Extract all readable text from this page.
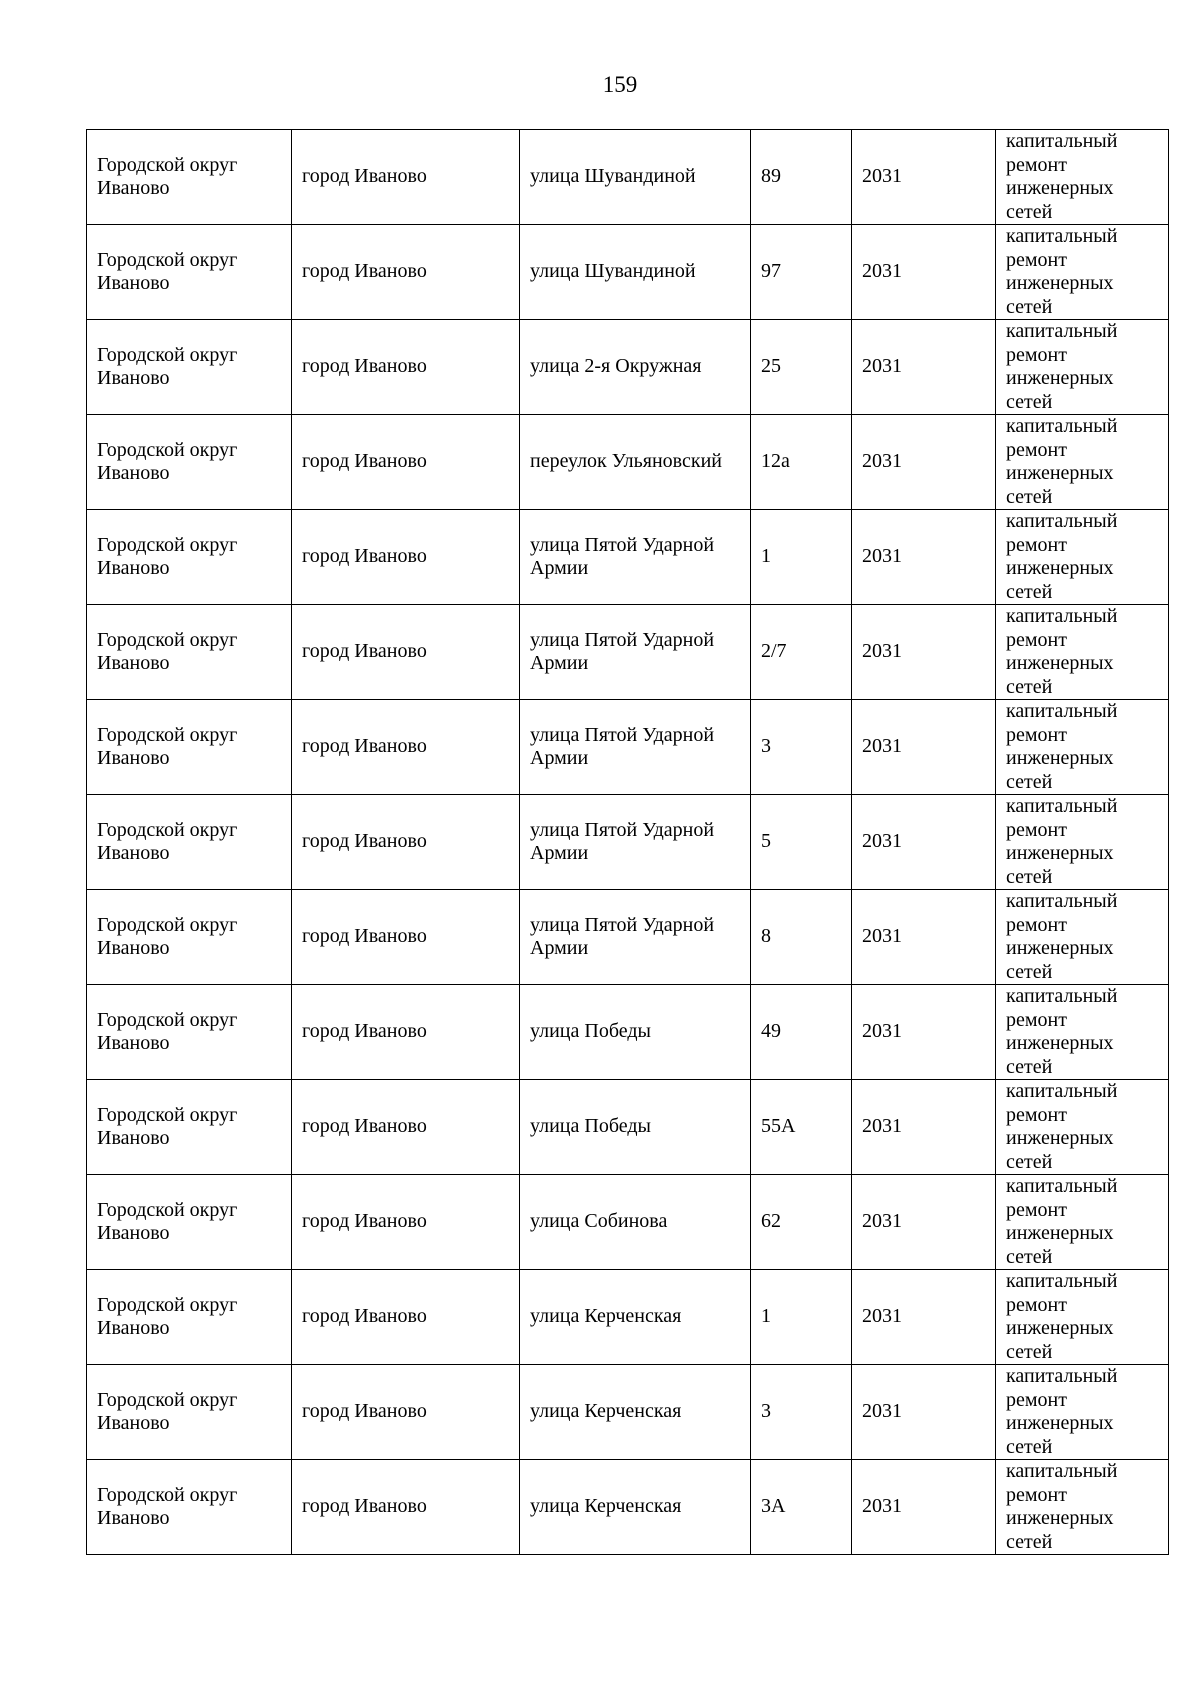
159
Городской округ Иваново	город Иваново	улица Шувандиной	89	2031	капитальный ремонт инженерных сетей
Городской округ Иваново	город Иваново	улица Шувандиной	97	2031	капитальный ремонт инженерных сетей
Городской округ Иваново	город Иваново	улица 2-я Окружная	25	2031	капитальный ремонт инженерных сетей
Городской округ Иваново	город Иваново	переулок Ульяновский	12а	2031	капитальный ремонт инженерных сетей
Городской округ Иваново	город Иваново	улица Пятой Ударной Армии	1	2031	капитальный ремонт инженерных сетей
Городской округ Иваново	город Иваново	улица Пятой Ударной Армии	2/7	2031	капитальный ремонт инженерных сетей
Городской округ Иваново	город Иваново	улица Пятой Ударной Армии	3	2031	капитальный ремонт инженерных сетей
Городской округ Иваново	город Иваново	улица Пятой Ударной Армии	5	2031	капитальный ремонт инженерных сетей
Городской округ Иваново	город Иваново	улица Пятой Ударной Армии	8	2031	капитальный ремонт инженерных сетей
Городской округ Иваново	город Иваново	улица Победы	49	2031	капитальный ремонт инженерных сетей
Городской округ Иваново	город Иваново	улица Победы	55А	2031	капитальный ремонт инженерных сетей
Городской округ Иваново	город Иваново	улица Собинова	62	2031	капитальный ремонт инженерных сетей
Городской округ Иваново	город Иваново	улица Керченская	1	2031	капитальный ремонт инженерных сетей
Городской округ Иваново	город Иваново	улица Керченская	3	2031	капитальный ремонт инженерных сетей
Городской округ Иваново	город Иваново	улица Керченская	3А	2031	капитальный ремонт инженерных сетей
